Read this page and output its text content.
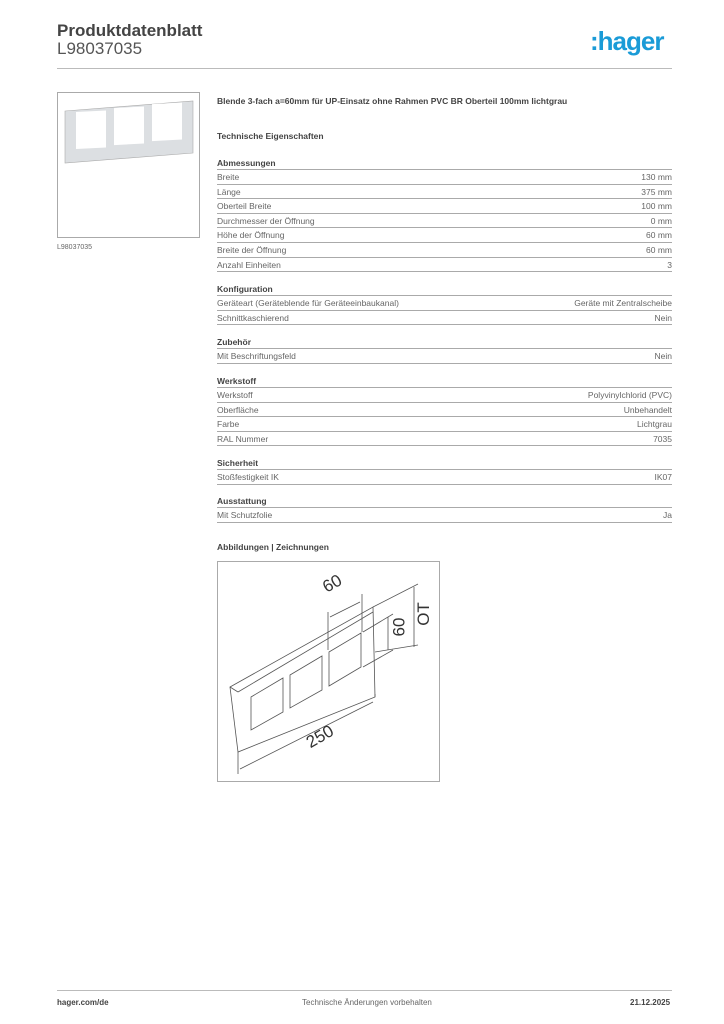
Produktdatenblatt
L98037035	:hager
L98037035
Blende 3-fach a=60mm für UP-Einsatz ohne Rahmen PVC BR Oberteil 100mm lichtgrau
Technische Eigenschaften
Abmessungen
Breite	130 mm
Länge	375 mm
Oberteil Breite	100 mm
Durchmesser der Öffnung	0 mm
Höhe der Öffnung	60 mm
Breite der Öffnung	60 mm
Anzahl Einheiten	3
Konfiguration
Geräteart (Geräteblende für Geräteeinbaukanal)	Geräte mit Zentralscheibe
Schnittkaschierend	Nein
Zubehör
Mit Beschriftungsfeld	Nein
Werkstoff
Werkstoff	Polyvinylchlorid (PVC)
Oberfläche	Unbehandelt
Farbe	Lichtgrau
RAL Nummer	7035
Sicherheit
Stoßfestigkeit IK	IK07
Ausstattung
Mit Schutzfolie	Ja
Abbildungen | Zeichnungen
60
60
OT
250
hager.com/de	Technische Änderungen vorbehalten	21.12.2025
